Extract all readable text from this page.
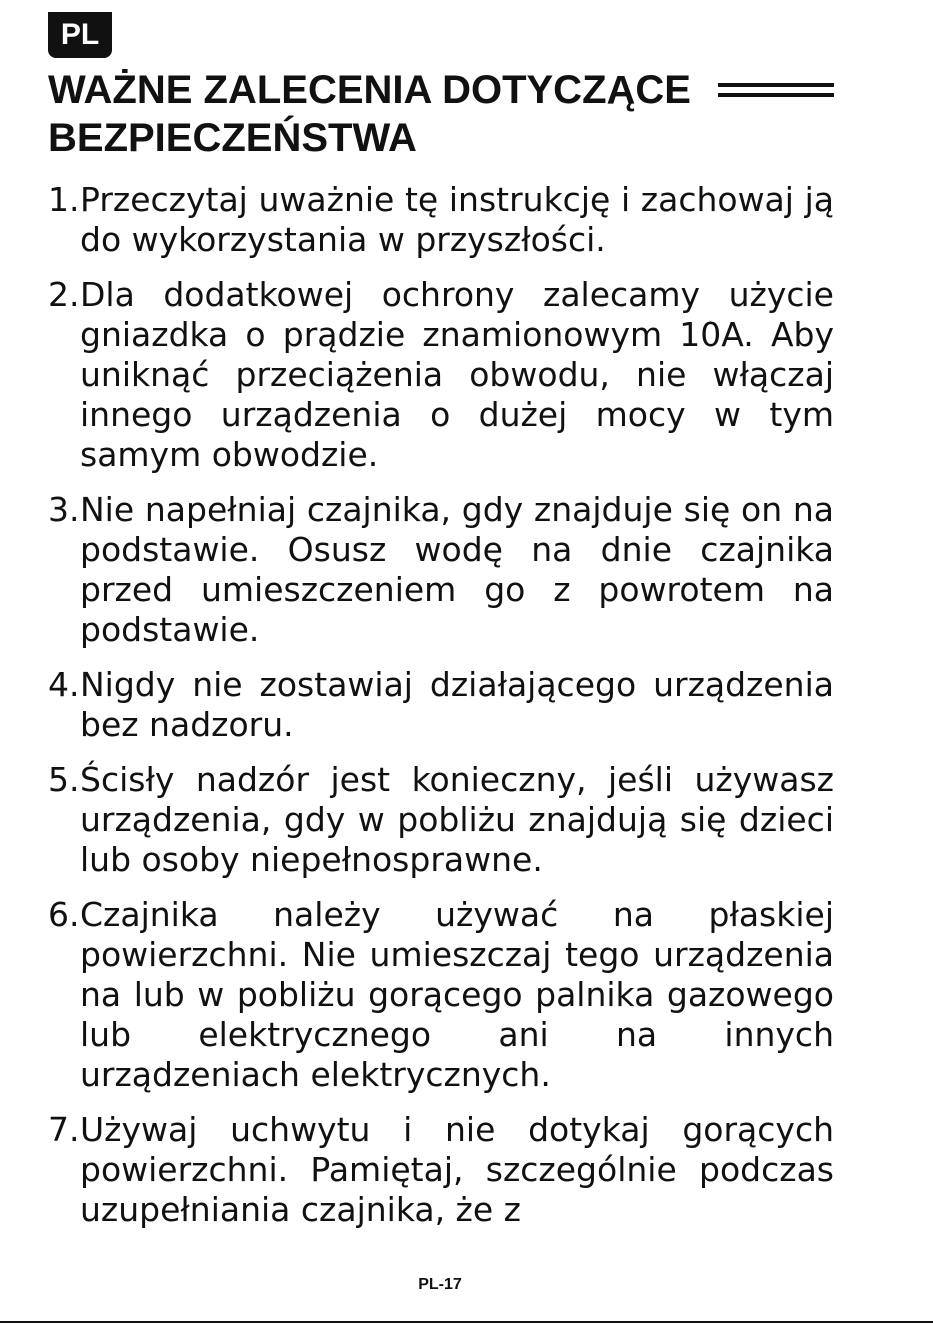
PL
WAŻNE ZALECENIA DOTYCZĄCE BEZPIECZEŃSTWA
1. Przeczytaj uważnie tę instrukcję i zachowaj ją do wykorzystania w przyszłości.
2. Dla dodatkowej ochrony zalecamy użycie gniazdka o prądzie znamionowym 10A. Aby uniknąć przeciążenia obwodu, nie włączaj innego urządzenia o dużej mocy w tym samym obwodzie.
3. Nie napełniaj czajnika, gdy znajduje się on na podstawie. Osusz wodę na dnie czajnika przed umieszczeniem go z powrotem na podstawie.
4. Nigdy nie zostawiaj działającego urządzenia bez nadzoru.
5. Ścisły nadzór jest konieczny, jeśli używasz urządzenia, gdy w pobliżu znajdują się dzieci lub osoby niepełnosprawne.
6. Czajnika należy używać na płaskiej powierzchni. Nie umieszczaj tego urządzenia na lub w pobliżu gorącego palnika gazowego lub elektrycznego ani na innych urządzeniach elektrycznych.
7. Używaj uchwytu i nie dotykaj gorących powierzchni. Pamiętaj, szczególnie podczas uzupełniania czajnika, że z
PL-17
